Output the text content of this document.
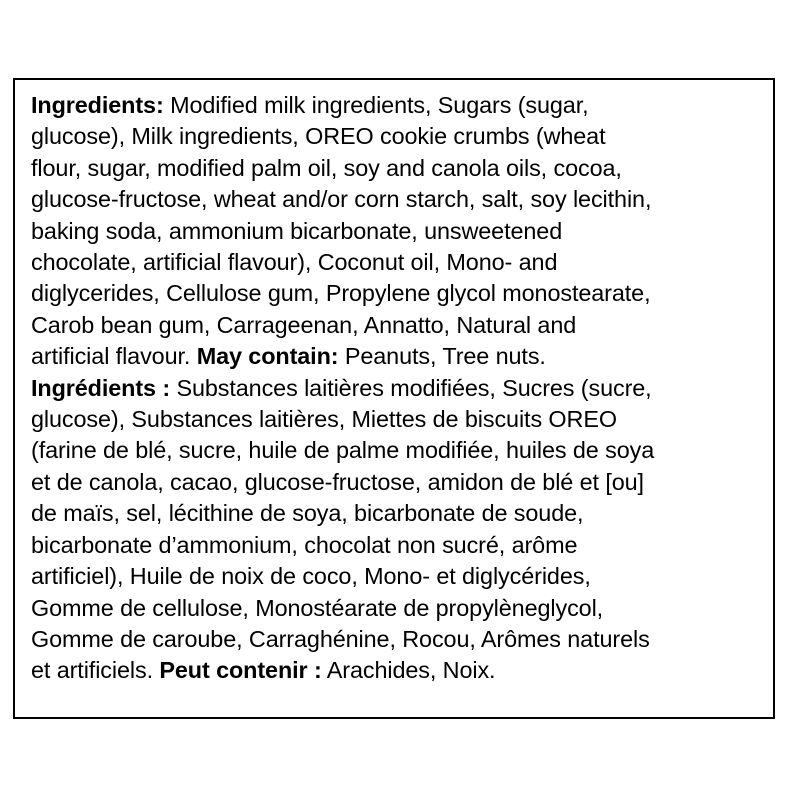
Ingredients: Modified milk ingredients, Sugars (sugar,
glucose), Milk ingredients, OREO cookie crumbs (wheat
flour, sugar, modified palm oil, soy and canola oils, cocoa,
glucose-fructose, wheat and/or corn starch, salt, soy lecithin,
baking soda, ammonium bicarbonate, unsweetened
chocolate, artificial flavour), Coconut oil, Mono- and
diglycerides, Cellulose gum, Propylene glycol monostearate,
Carob bean gum, Carrageenan, Annatto, Natural and
artificial flavour. May contain: Peanuts, Tree nuts.
Ingrédients : Substances laitières modifiées, Sucres (sucre,
glucose), Substances laitières, Miettes de biscuits OREO
(farine de blé, sucre, huile de palme modifiée, huiles de soya
et de canola, cacao, glucose-fructose, amidon de blé et [ou]
de maïs, sel, lécithine de soya, bicarbonate de soude,
bicarbonate d’ammonium, chocolat non sucré, arôme
artificiel), Huile de noix de coco, Mono- et diglycérides,
Gomme de cellulose, Monostéarate de propylèneglycol,
Gomme de caroube, Carraghénine, Rocou, Arômes naturels
et artificiels. Peut contenir : Arachides, Noix.
